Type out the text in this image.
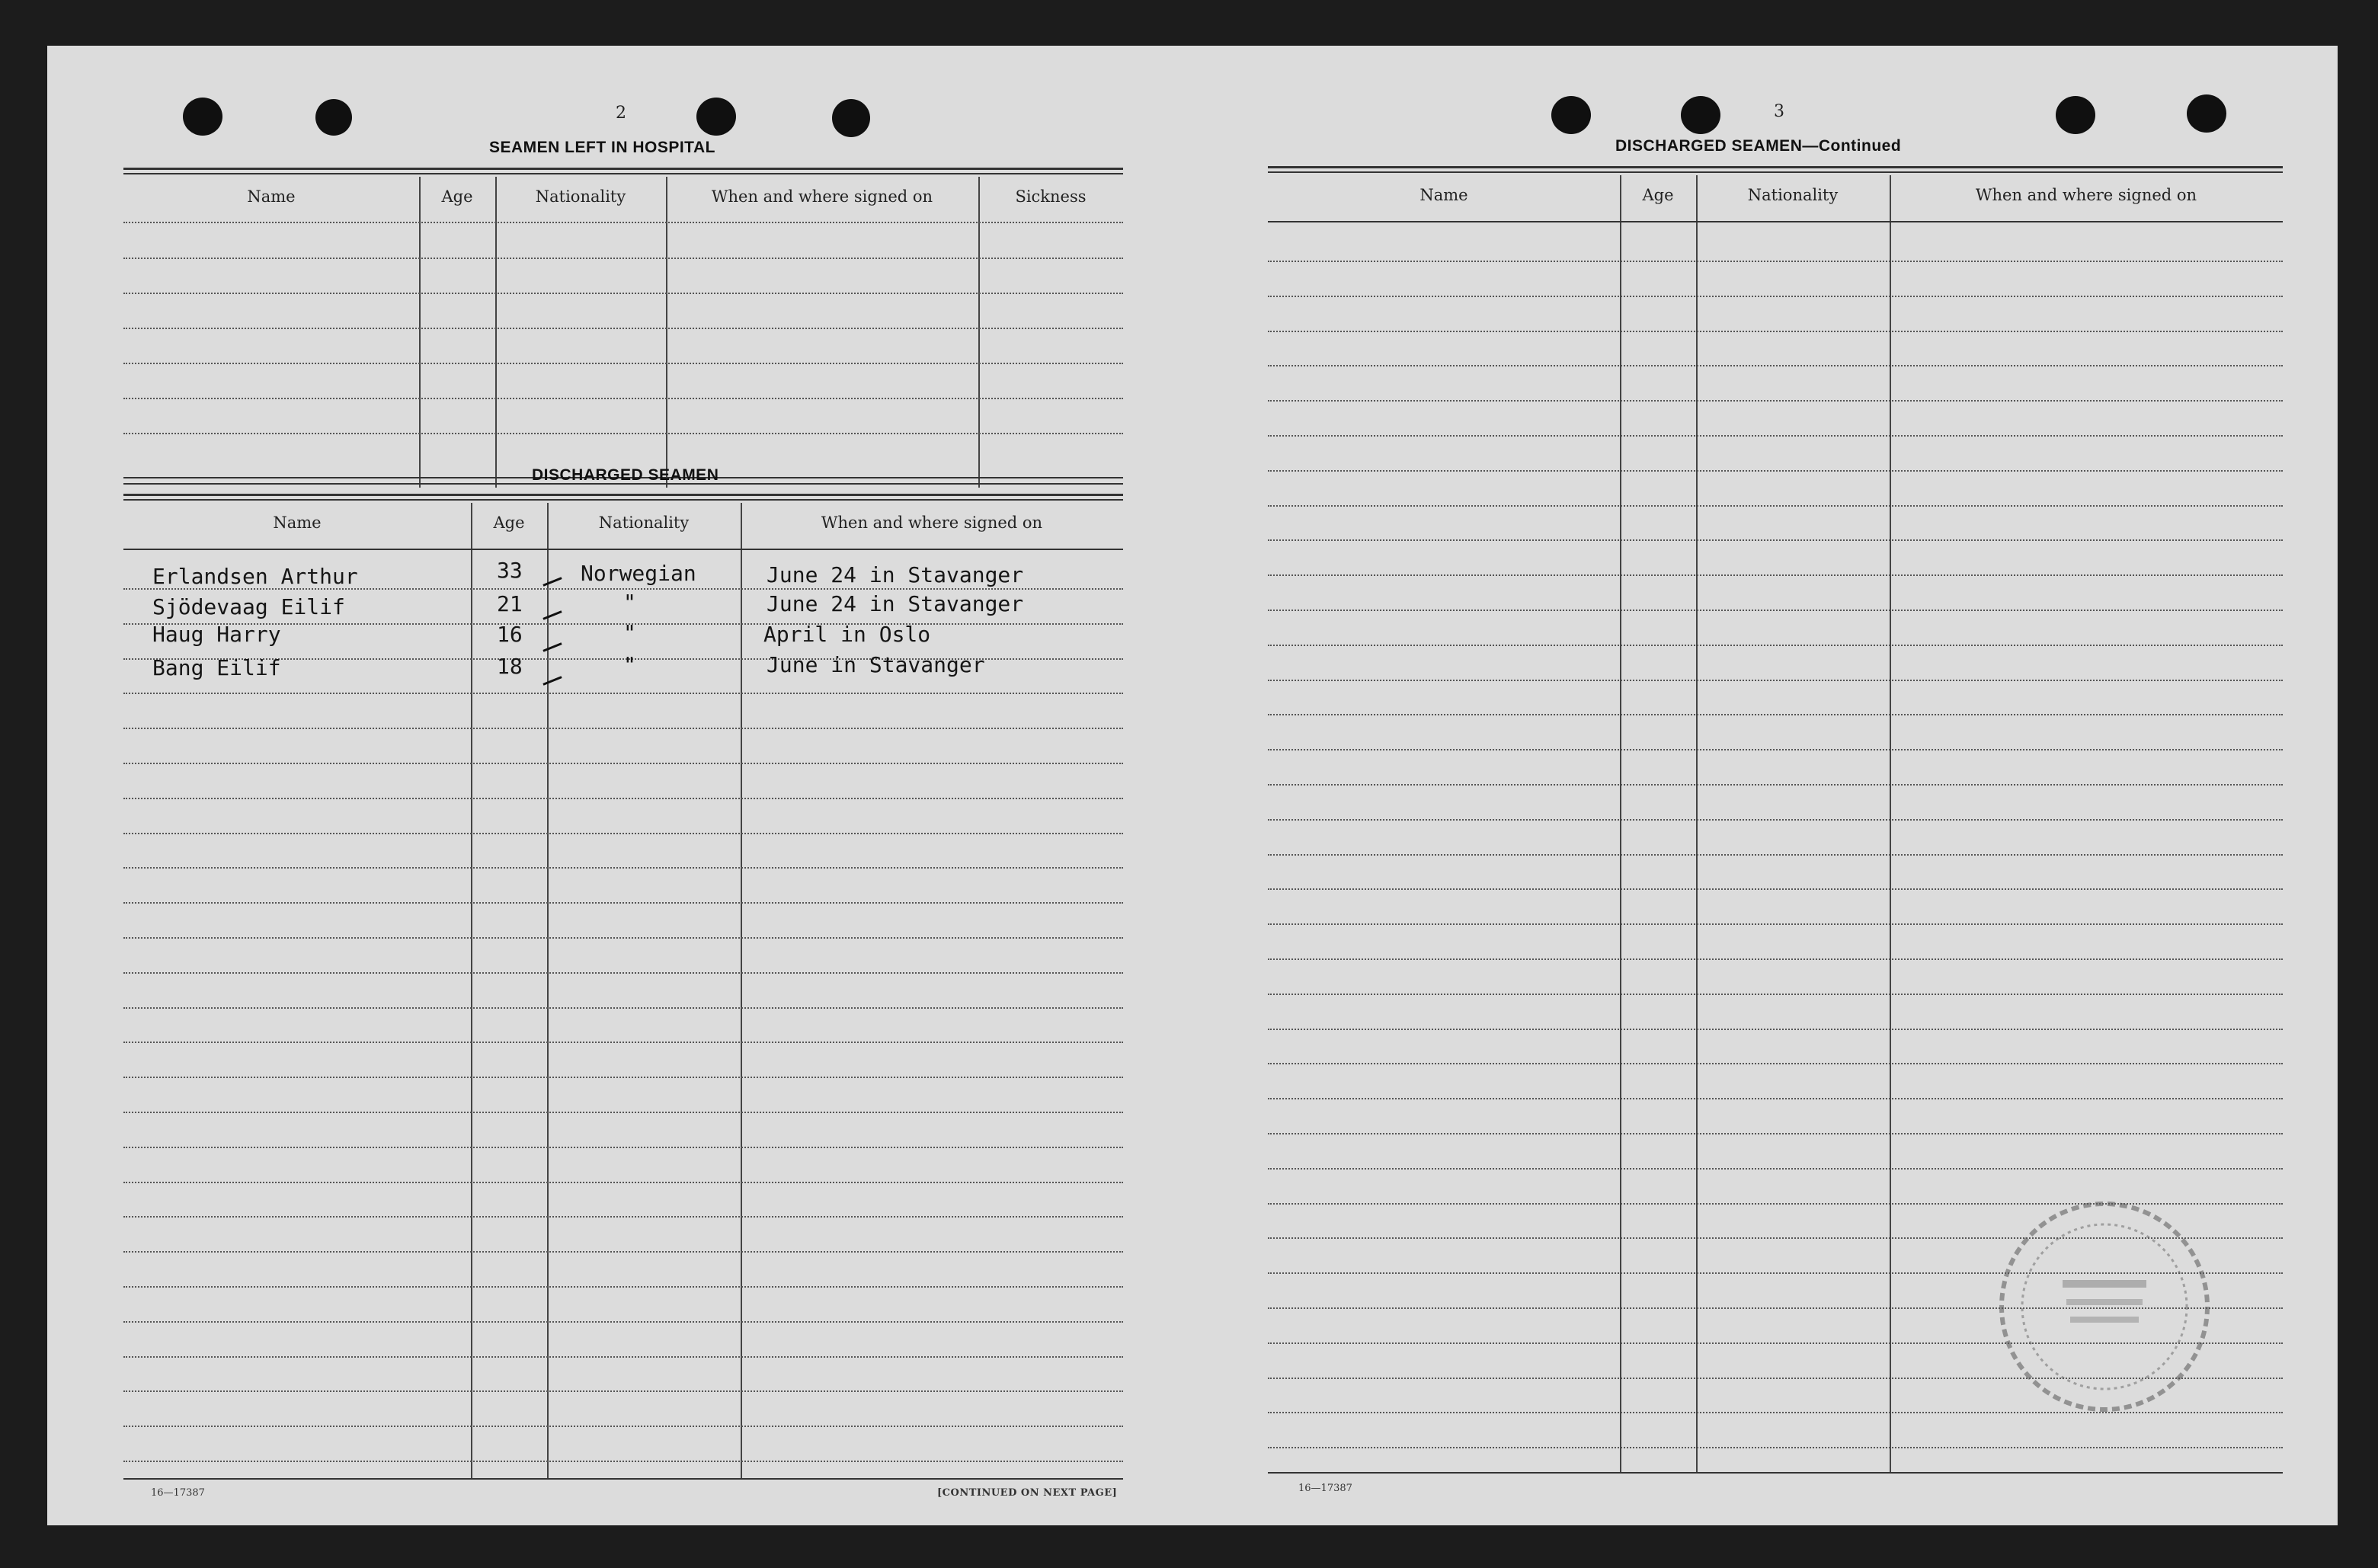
2
SEAMEN LEFT IN HOSPITAL
Name	Age	Nationality	When and where signed on	Sickness
DISCHARGED SEAMEN
Name	Age	Nationality	When and where signed on
Erlandsen Arthur	33	Norwegian	June 24 in Stavanger
Sjödevaag Eilif	21	"	June 24 in Stavanger
Haug Harry	16	"	April in Oslo
Bang Eilif	18	"	June in Stavanger
16—17387	[CONTINUED ON NEXT PAGE]
3
DISCHARGED SEAMEN—Continued
Name	Age	Nationality	When and where signed on
16—17387
